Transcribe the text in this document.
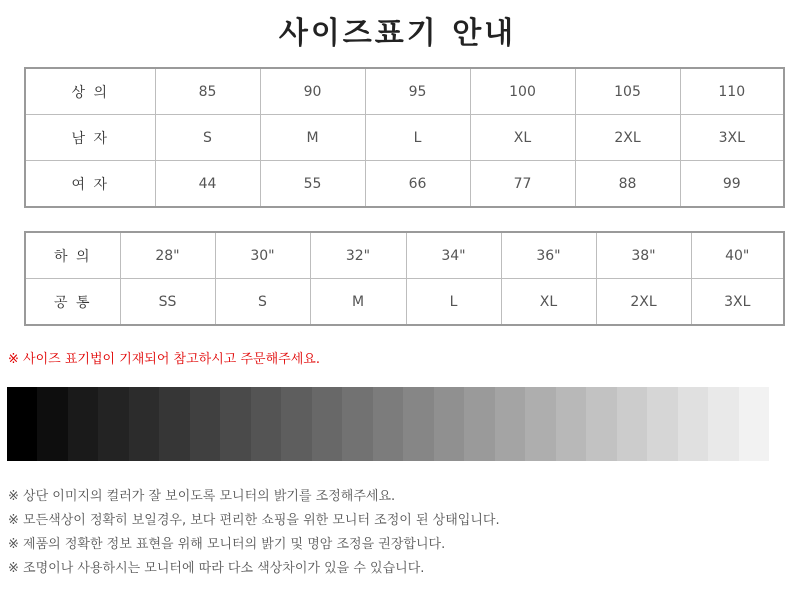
사이즈표기 안내
상 의	85	90	95	100	105	110
남 자	S	M	L	XL	2XL	3XL
여 자	44	55	66	77	88	99
하 의	28"	30"	32"	34"	36"	38"	40"
공 통	SS	S	M	L	XL	2XL	3XL
※ 사이즈 표기법이 기재되어 참고하시고 주문해주세요.
※ 상단 이미지의 컬러가 잘 보이도록 모니터의 밝기를 조정해주세요.
※ 모든색상이 정확히 보일경우, 보다 편리한 쇼핑을 위한 모니터 조정이 된 상태입니다.
※ 제품의 정확한 정보 표현을 위해 모니터의 밝기 및 명암 조정을 권장합니다.
※ 조명이나 사용하시는 모니터에 따라 다소 색상차이가 있을 수 있습니다.
